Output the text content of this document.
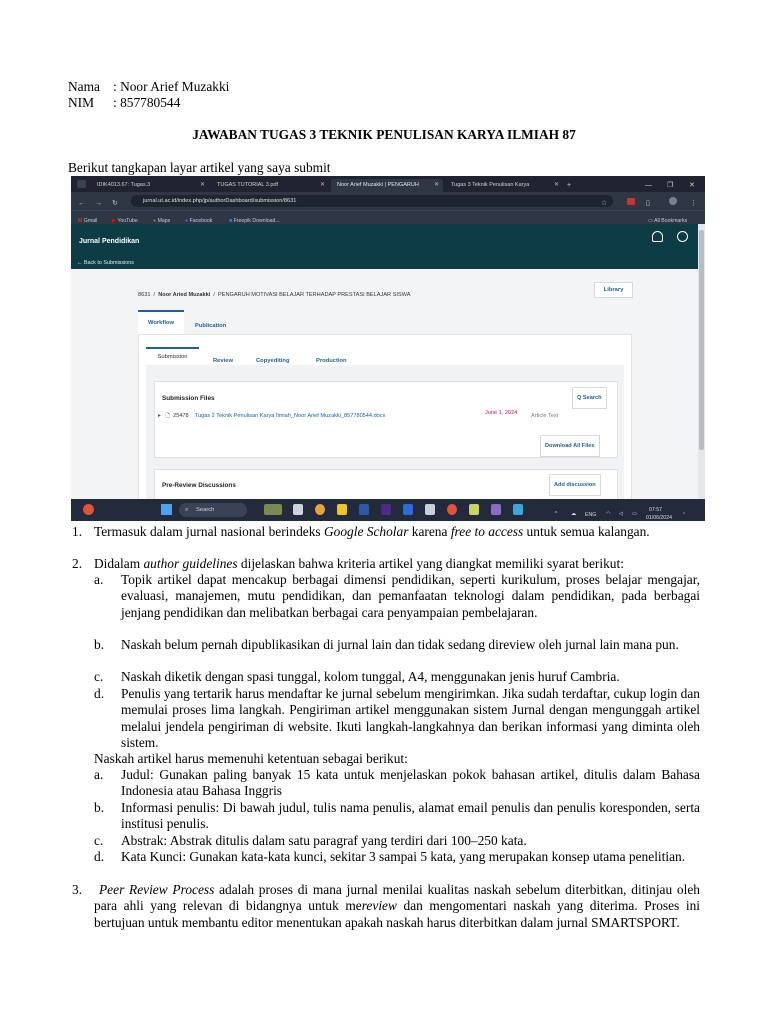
Nama : Noor Arief Muzakki
NIM : 857780544
JAWABAN TUGAS 3 TEKNIK PENULISAN KARYA ILMIAH 87
Berikut tangkapan layar artikel yang saya submit
IDIK4013.67: Tugas.3	✕	TUGAS TUTORIAL 3.pdf	✕	Noor Arief Muzakki | PENGARUH	✕	Tugas 3 Teknik Penulisan Karya	✕ +	— ❐ ✕
← → ↻	jurnal.ut.ac.id/index.php/jp/authorDashboard/submission/8631	☆	▯	⋮
M Gmail	▶ YouTube	● Maps	● Facebook	■ Freepik Download...	▭ All Bookmarks
Jurnal Pendidikan
← Back to Submissions
8631  /  Noor Aried Muzakki  /  PENGARUH MOTIVASI BELAJAR TERHADAP PRESTASI BELAJAR SISWA
Library
Workflow	Publication
Submission
Review	Copyediting	Production
Submission Files	Q Search
▸ 🗋 25478 Tugas 2 Teknik Penulisan Karya Ilmiah_Noor Arief Muzakki_857780544.docx	June 1, 2024	Article Text
Download All Files
Pre-Review Discussions	Add discussion
⌕ Search
^	☁ ENG ◠ ◁ ▭
07:57
01/06/2024
◔
1. Termasuk dalam jurnal nasional berindeks Google Scholar karena free to access untuk semua kalangan.
2. Didalam author guidelines dijelaskan bahwa kriteria artikel yang diangkat memiliki syarat berikut:
a. Topik artikel dapat mencakup berbagai dimensi pendidikan, seperti kurikulum, proses belajar mengajar, evaluasi, manajemen, mutu pendidikan, dan pemanfaatan teknologi dalam pendidikan, pada berbagai jenjang pendidikan dan melibatkan berbagai cara penyampaian pembelajaran.
b. Naskah belum pernah dipublikasikan di jurnal lain dan tidak sedang direview oleh jurnal lain mana pun.
c. Naskah diketik dengan spasi tunggal, kolom tunggal, A4, menggunakan jenis huruf Cambria.
d. Penulis yang tertarik harus mendaftar ke jurnal sebelum mengirimkan. Jika sudah terdaftar, cukup login dan memulai proses lima langkah. Pengiriman artikel menggunakan sistem Jurnal dengan mengunggah artikel melalui jendela pengiriman di website. Ikuti langkah-langkahnya dan berikan informasi yang diminta oleh sistem.
Naskah artikel harus memenuhi ketentuan sebagai berikut:
a. Judul: Gunakan paling banyak 15 kata untuk menjelaskan pokok bahasan artikel, ditulis dalam Bahasa Indonesia atau Bahasa Inggris
b. Informasi penulis: Di bawah judul, tulis nama penulis, alamat email penulis dan penulis koresponden, serta institusi penulis.
c. Abstrak: Abstrak ditulis dalam satu paragraf yang terdiri dari 100–250 kata.
d. Kata Kunci: Gunakan kata-kata kunci, sekitar 3 sampai 5 kata, yang merupakan konsep utama penelitian.
3.	Peer Review Process adalah proses di mana jurnal menilai kualitas naskah sebelum diterbitkan, ditinjau oleh para ahli yang relevan di bidangnya untuk mereview dan mengomentari naskah yang diterima. Proses ini bertujuan untuk membantu editor menentukan apakah naskah harus diterbitkan dalam jurnal SMARTSPORT.
